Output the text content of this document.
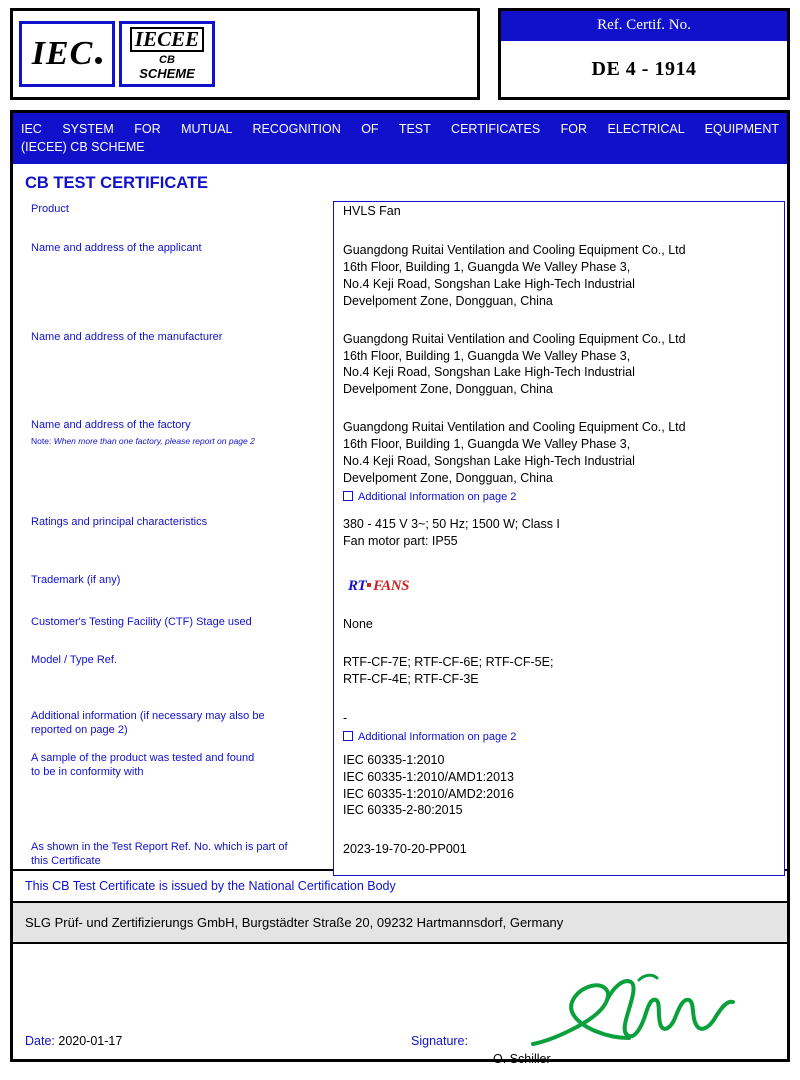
IEC	IECEE
CB
SCHEME
Ref. Certif. No.
DE 4 - 1914
IEC SYSTEM FOR MUTUAL RECOGNITION OF TEST CERTIFICATES FOR ELECTRICAL EQUIPMENT
(IECEE) CB SCHEME
CB TEST CERTIFICATE
Product	HVLS Fan
Name and address of the applicant	Guangdong Ruitai Ventilation and Cooling Equipment Co., Ltd
16th Floor, Building 1, Guangda We Valley Phase 3,
No.4 Keji Road, Songshan Lake High-Tech Industrial
Develpoment Zone, Dongguan, China
Name and address of the manufacturer	Guangdong Ruitai Ventilation and Cooling Equipment Co., Ltd
16th Floor, Building 1, Guangda We Valley Phase 3,
No.4 Keji Road, Songshan Lake High-Tech Industrial
Develpoment Zone, Dongguan, China
Name and address of the factory
Note: When more than one factory, please report on page 2
Guangdong Ruitai Ventilation and Cooling Equipment Co., Ltd
16th Floor, Building 1, Guangda We Valley Phase 3,
No.4 Keji Road, Songshan Lake High-Tech Industrial
Develpoment Zone, Dongguan, China
Additional Information on page 2
Ratings and principal characteristics	380 - 415 V 3~; 50 Hz; 1500 W; Class I
Fan motor part: IP55
Trademark (if any)	RT FANS
Customer's Testing Facility (CTF) Stage used	None
Model / Type Ref.	RTF-CF-7E; RTF-CF-6E; RTF-CF-5E;
RTF-CF-4E; RTF-CF-3E
Additional information (if necessary may also be
reported on page 2)
-
Additional Information on page 2
A sample of the product was tested and found
to be in conformity with
IEC 60335-1:2010
IEC 60335-1:2010/AMD1:2013
IEC 60335-1:2010/AMD2:2016
IEC 60335-2-80:2015
As shown in the Test Report Ref. No. which is part of
this Certificate
2023-19-70-20-PP001
This CB Test Certificate is issued by the National Certification Body
SLG Prüf- und Zertifizierungs GmbH, Burgstädter Straße 20, 09232 Hartmannsdorf, Germany
Date: 2020-01-17	Signature:
O. Schiller
